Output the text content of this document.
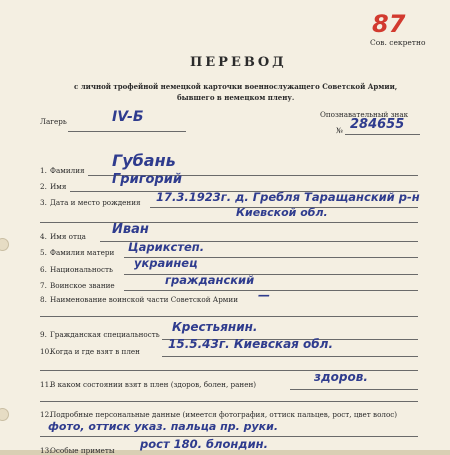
87
Сов. секретно
ПЕРЕВОД
с личной трофейной немецкой карточки военнослужащего Советской Армии,
бывшего в немецком плену.
Лагерь	IV-Б	Опознавательный знак
№ 284655
1. Фамилия
Губань
2. Имя	Григорий
3. Дата и место рождения 17.3.1923г. д. Гребля Таращанский р-н
Киевской обл.
4. Имя отца Иван
5. Фамилия матери Царикстеп.
6. Национальность украинец
7. Воинское звание	гражданский
8. Наименование воинской части Советской Армии —
9. Гражданская специальность
Крестьянин.
10.
Когда и где взят в плен
15.5.43г. Киевская обл.
11.
В каком состоянии взят в плен (здоров, болен, ранен)
здоров.
12.
Подробные персональные данные (имеется фотография, оттиск пальцев, рост, цвет волос)
фото, оттиск указ. пальца пр. руки.
13.
Особые приметы рост 180. блондин.
